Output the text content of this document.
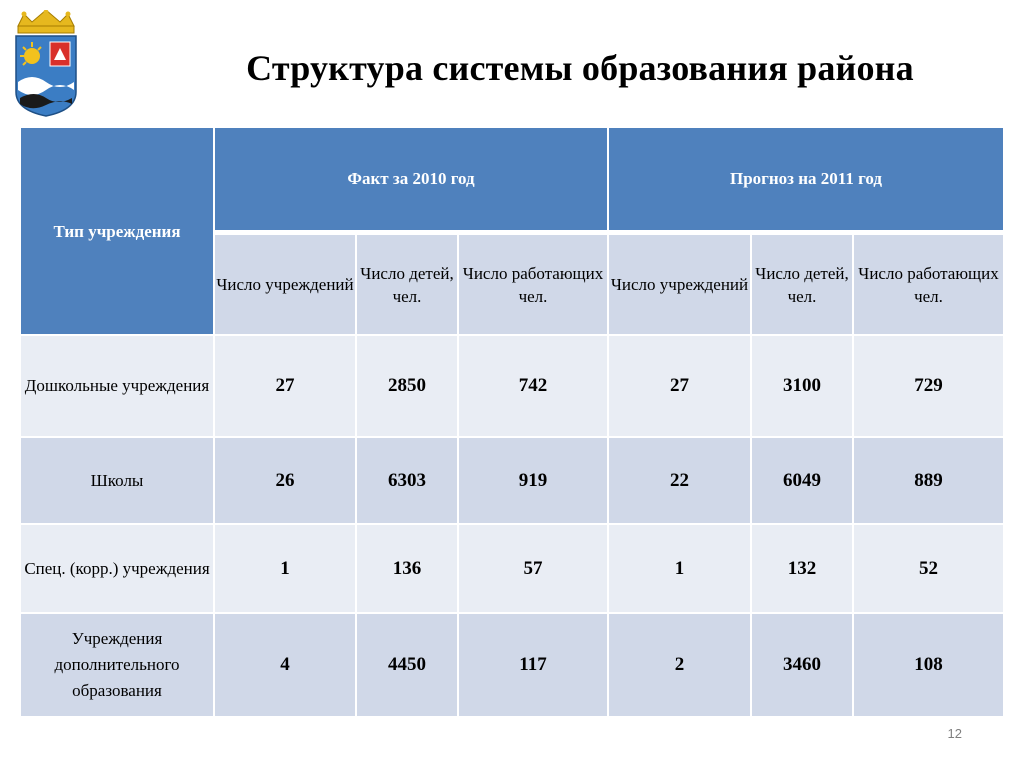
Структура системы образования района
Тип учреждения	Факт за 2010 год			Прогноз на 2011 год		
	Число учреждений	Число детей, чел.	Число работающих чел.	Число учреждений	Число детей, чел.	Число работающих чел.
Дошкольные учреждения	27	2850	742	27	3100	729
Школы	26	6303	919	22	6049	889
Спец. (корр.) учреждения	1	136	57	1	132	52
Учреждения дополнительного образования	4	4450	117	2	3460	108
12
